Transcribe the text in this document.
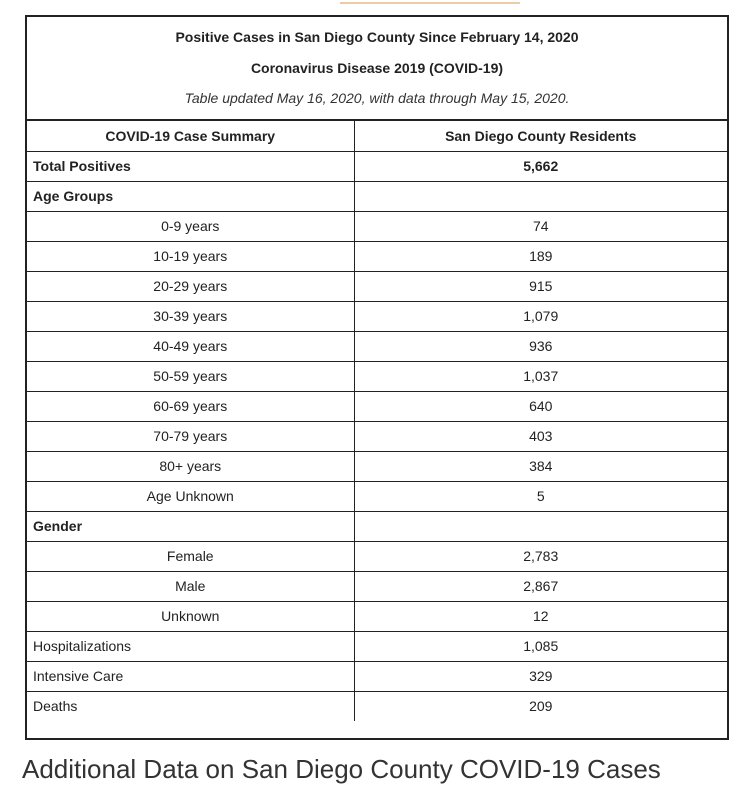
Positive Cases in San Diego County Since February 14, 2020
Coronavirus Disease 2019 (COVID-19)
Table updated May 16, 2020, with data through May 15, 2020.
COVID-19 Case Summary	San Diego County Residents
Total Positives	5,662
Age Groups	
0-9 years	74
10-19 years	189
20-29 years	915
30-39 years	1,079
40-49 years	936
50-59 years	1,037
60-69 years	640
70-79 years	403
80+ years	384
Age Unknown	5
Gender	
Female	2,783
Male	2,867
Unknown	12
Hospitalizations	1,085
Intensive Care	329
Deaths	209
Additional Data on San Diego County COVID-19 Cases
